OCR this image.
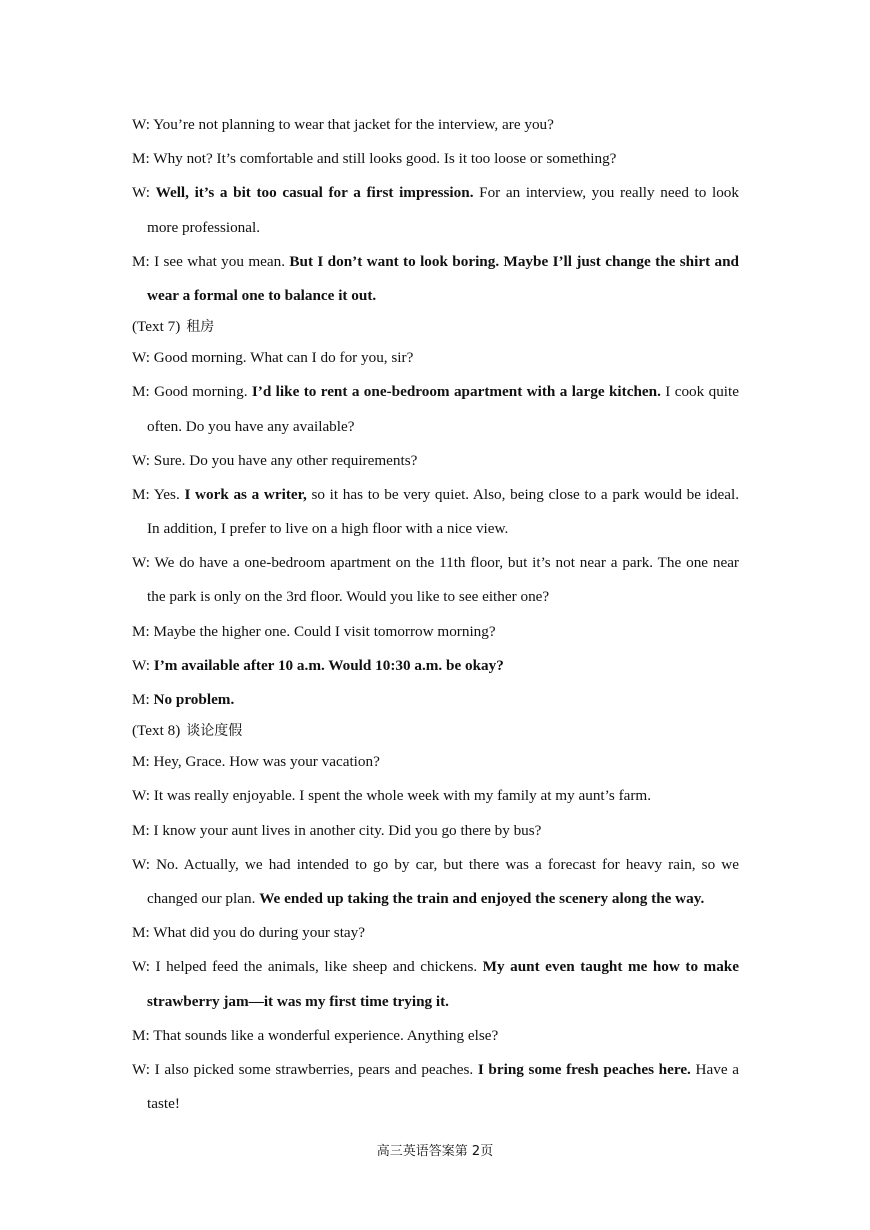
W: You’re not planning to wear that jacket for the interview, are you?
M: Why not? It’s comfortable and still looks good. Is it too loose or something?
W: Well, it’s a bit too casual for a first impression. For an interview, you really need to look
more professional.
M: I see what you mean. But I don’t want to look boring. Maybe I’ll just change the shirt and
wear a formal one to balance it out.
(Text 7) 租房
W: Good morning. What can I do for you, sir?
M: Good morning. I’d like to rent a one-bedroom apartment with a large kitchen. I cook quite
often. Do you have any available?
W: Sure. Do you have any other requirements?
M: Yes. I work as a writer, so it has to be very quiet. Also, being close to a park would be ideal.
In addition, I prefer to live on a high floor with a nice view.
W: We do have a one-bedroom apartment on the 11th floor, but it’s not near a park. The one near
the park is only on the 3rd floor. Would you like to see either one?
M: Maybe the higher one. Could I visit tomorrow morning?
W: I’m available after 10 a.m. Would 10:30 a.m. be okay?
M: No problem.
(Text 8) 谈论度假
M: Hey, Grace. How was your vacation?
W: It was really enjoyable. I spent the whole week with my family at my aunt’s farm.
M: I know your aunt lives in another city. Did you go there by bus?
W: No. Actually, we had intended to go by car, but there was a forecast for heavy rain, so we
changed our plan. We ended up taking the train and enjoyed the scenery along the way.
M: What did you do during your stay?
W: I helped feed the animals, like sheep and chickens. My aunt even taught me how to make
strawberry jam—it was my first time trying it.
M: That sounds like a wonderful experience. Anything else?
W: I also picked some strawberries, pears and peaches. I bring some fresh peaches here. Have a
taste!
高三英语答案第 2页
